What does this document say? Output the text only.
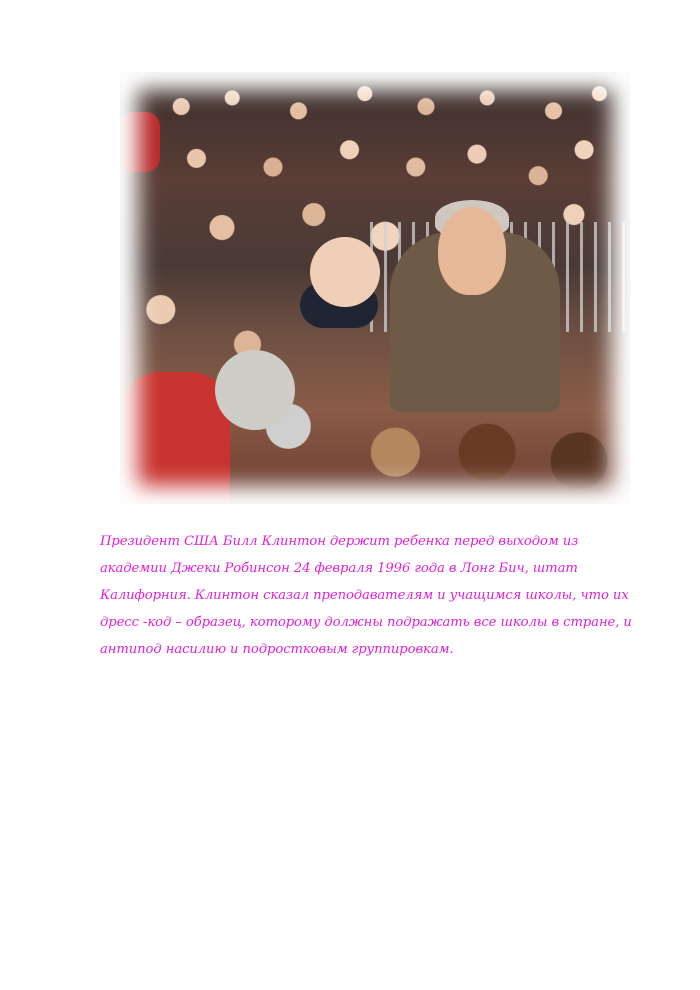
Президент США Билл Клинтон держит ребенка перед выходом из академии Джеки Робинсон 24 февраля 1996 года в Лонг Бич, штат Калифорния. Клинтон сказал преподавателям и учащимся школы, что их дресс -код – образец, которому должны подражать все школы в стране, и антипод насилию и подростковым группировкам.
